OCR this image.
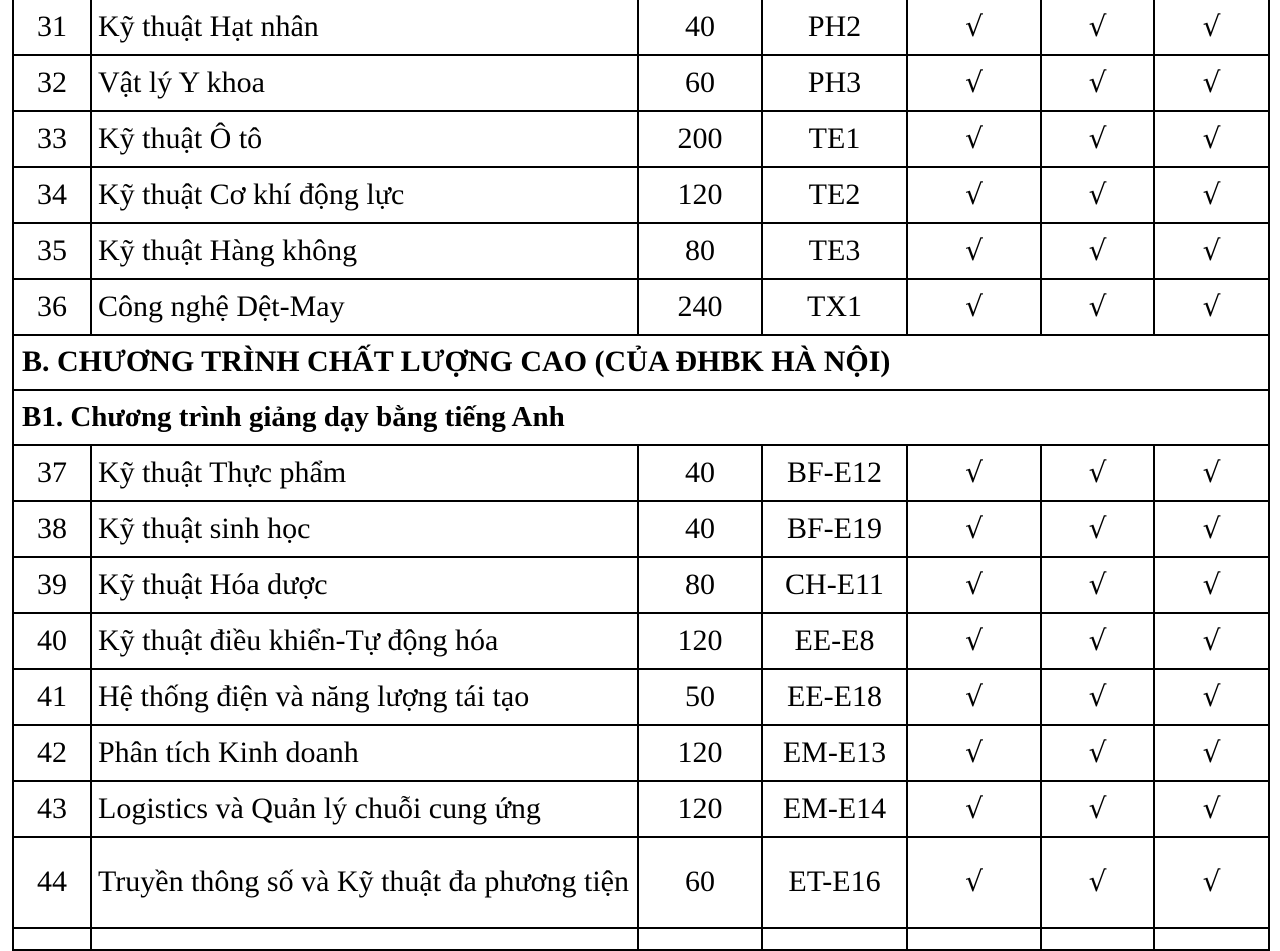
31	Kỹ thuật Hạt nhân	40	PH2	√	√	√
32	Vật lý Y khoa	60	PH3	√	√	√
33	Kỹ thuật Ô tô	200	TE1	√	√	√
34	Kỹ thuật Cơ khí động lực	120	TE2	√	√	√
35	Kỹ thuật Hàng không	80	TE3	√	√	√
36	Công nghệ Dệt-May	240	TX1	√	√	√
B. CHƯƠNG TRÌNH CHẤT LƯỢNG CAO (CỦA ĐHBK HÀ NỘI)						
B1. Chương trình giảng dạy bằng tiếng Anh						
37	Kỹ thuật Thực phẩm	40	BF-E12	√	√	√
38	Kỹ thuật sinh học	40	BF-E19	√	√	√
39	Kỹ thuật Hóa dược	80	CH-E11	√	√	√
40	Kỹ thuật điều khiển-Tự động hóa	120	EE-E8	√	√	√
41	Hệ thống điện và năng lượng tái tạo	50	EE-E18	√	√	√
42	Phân tích Kinh doanh	120	EM-E13	√	√	√
43	Logistics và Quản lý chuỗi cung ứng	120	EM-E14	√	√	√
44	Truyền thông số và Kỹ thuật đa phương tiện	60	ET-E16	√	√	√
